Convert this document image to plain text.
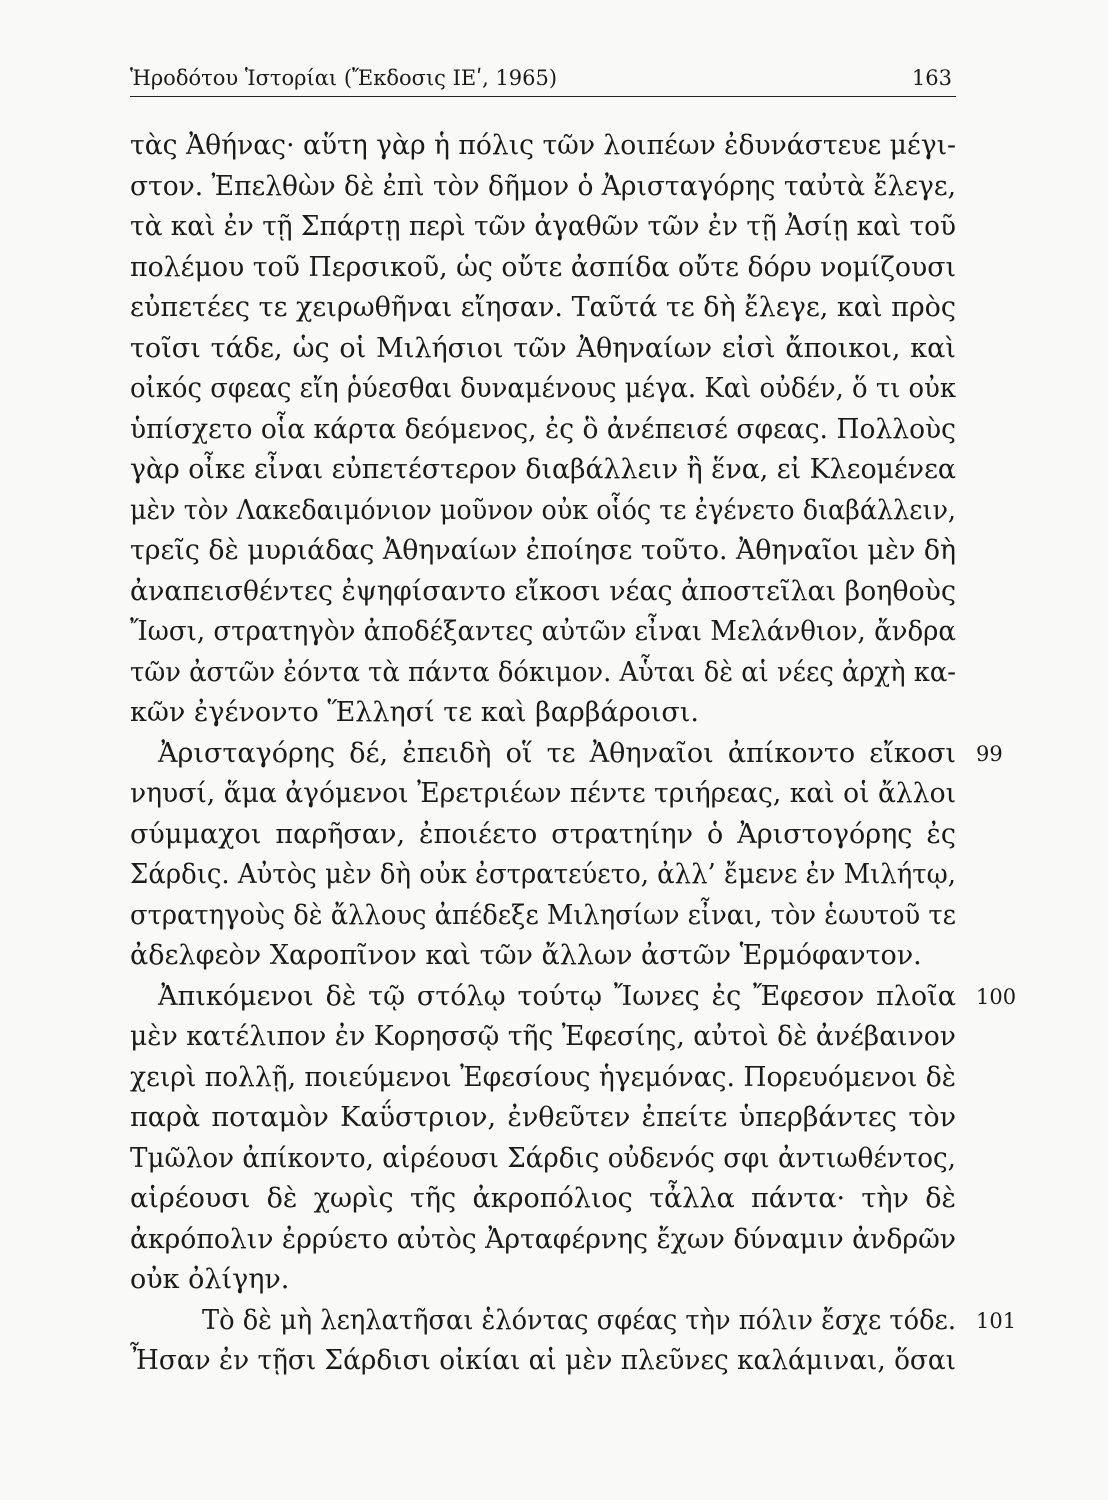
Ἡροδότου Ἱστορίαι (Ἔκδοσις ΙΕʹ, 1965)	163
τὰς Ἀθήνας· αὕτη γὰρ ἡ πόλις τῶν λοιπέων ἐδυνάστευε μέγι-
στον. Ἐπελθὼν δὲ ἐπὶ τὸν δῆμον ὁ Ἀρισταγόρης ταὐτὰ ἔλεγε,
τὰ καὶ ἐν τῇ Σπάρτῃ περὶ τῶν ἀγαθῶν τῶν ἐν τῇ Ἀσίῃ καὶ τοῦ
πολέμου τοῦ Περσικοῦ, ὡς οὔτε ἀσπίδα οὔτε δόρυ νομίζουσι
εὐπετέες τε χειρωθῆναι εἴησαν. Ταῦτά τε δὴ ἔλεγε, καὶ πρὸς
τοῖσι τάδε, ὡς οἱ Μιλήσιοι τῶν Ἀθηναίων εἰσὶ ἄποικοι, καὶ
οἰκός σφεας εἴη ῥύεσθαι δυναμένους μέγα. Καὶ οὐδέν, ὅ τι οὐκ
ὑπίσχετο οἷα κάρτα δεόμενος, ἐς ὃ ἀνέπεισέ σφεας. Πολλοὺς
γὰρ οἶκε εἶναι εὐπετέστερον διαβάλλειν ἢ ἕνα, εἰ Κλεομένεα
μὲν τὸν Λακεδαιμόνιον μοῦνον οὐκ οἷός τε ἐγένετο διαβάλλειν,
τρεῖς δὲ μυριάδας Ἀθηναίων ἐποίησε τοῦτο. Ἀθηναῖοι μὲν δὴ
ἀναπεισθέντες ἐψηφίσαντο εἴκοσι νέας ἀποστεῖλαι βοηθοὺς
Ἴωσι, στρατηγὸν ἀποδέξαντες αὐτῶν εἶναι Μελάνθιον, ἄνδρα
τῶν ἀστῶν ἐόντα τὰ πάντα δόκιμον. Αὗται δὲ αἱ νέες ἀρχὴ κα-
κῶν ἐγένοντο Ἕλλησί τε καὶ βαρβάροισι.
Ἀρισταγόρης δέ, ἐπειδὴ οἵ τε Ἀθηναῖοι ἀπίκοντο εἴκοσι 99
νηυσί, ἅμα ἀγόμενοι Ἐρετριέων πέντε τριήρεας, καὶ οἱ ἄλλοι
σύμμαχοι παρῆσαν, ἐποιέετο στρατηίην ὁ Ἀριστογόρης ἐς
Σάρδις. Αὐτὸς μὲν δὴ οὐκ ἐστρατεύετο, ἀλλ’ ἔμενε ἐν Μιλήτῳ,
στρατηγοὺς δὲ ἄλλους ἀπέδεξε Μιλησίων εἶναι, τὸν ἑωυτοῦ τε
ἀδελφεὸν Χαροπῖνον καὶ τῶν ἄλλων ἀστῶν Ἑρμόφαντον.
Ἀπικόμενοι δὲ τῷ στόλῳ τούτῳ Ἴωνες ἐς Ἔφεσον πλοῖα 100
μὲν κατέλιπον ἐν Κορησσῷ τῆς Ἐφεσίης, αὐτοὶ δὲ ἀνέβαινον
χειρὶ πολλῇ, ποιεύμενοι Ἐφεσίους ἡγεμόνας. Πορευόμενοι δὲ
παρὰ ποταμὸν Καΰστριον, ἐνθεῦτεν ἐπείτε ὑπερβάντες τὸν
Τμῶλον ἀπίκοντο, αἱρέουσι Σάρδις οὐδενός σφι ἀντιωθέντος,
αἱρέουσι δὲ χωρὶς τῆς ἀκροπόλιος τἆλλα πάντα· τὴν δὲ
ἀκρόπολιν ἐρρύετο αὐτὸς Ἀρταφέρνης ἔχων δύναμιν ἀνδρῶν
οὐκ ὀλίγην.
Τὸ δὲ μὴ λεηλατῆσαι ἑλόντας σφέας τὴν πόλιν ἔσχε τόδε. 101
Ἦσαν ἐν τῇσι Σάρδισι οἰκίαι αἱ μὲν πλεῦνες καλάμιναι, ὅσαι
